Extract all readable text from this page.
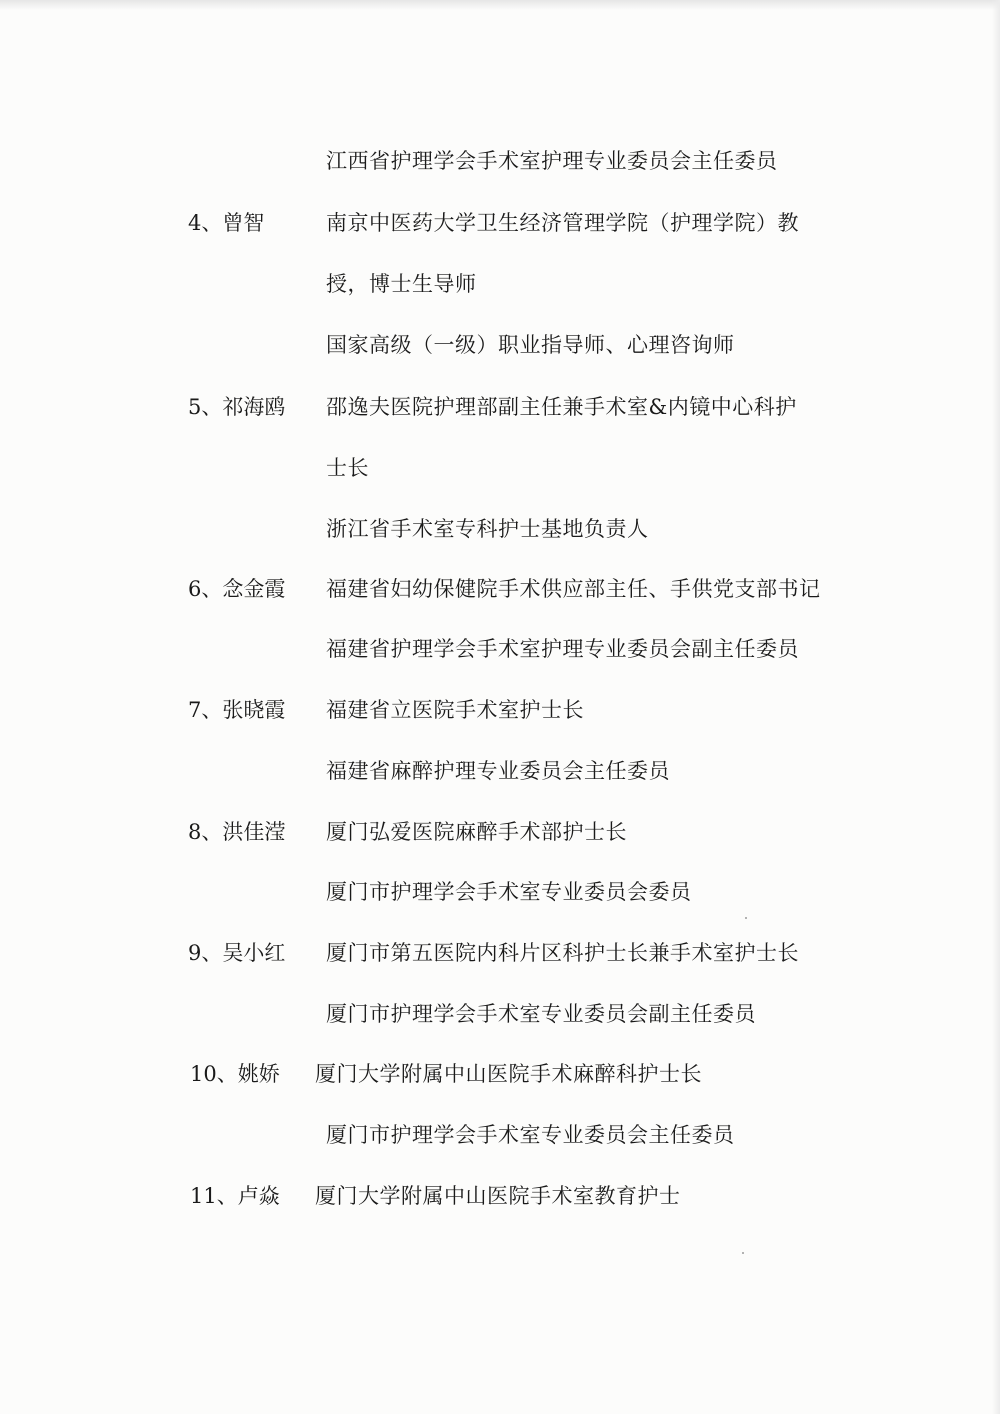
江西省护理学会手术室护理专业委员会主任委员
4、曾智	南京中医药大学卫生经济管理学院（护理学院）教
授，博士生导师
国家高级（一级）职业指导师、心理咨询师
5、祁海鸥 邵逸夫医院护理部副主任兼手术室&内镜中心科护
士长
浙江省手术室专科护士基地负责人
6、念金霞 福建省妇幼保健院手术供应部主任、手供党支部书记
福建省护理学会手术室护理专业委员会副主任委员
7、张晓霞 福建省立医院手术室护士长
福建省麻醉护理专业委员会主任委员
8、洪佳滢 厦门弘爱医院麻醉手术部护士长
厦门市护理学会手术室专业委员会委员
9、吴小红 厦门市第五医院内科片区科护士长兼手术室护士长
厦门市护理学会手术室专业委员会副主任委员
10、姚娇 厦门大学附属中山医院手术麻醉科护士长
厦门市护理学会手术室专业委员会主任委员
11、卢焱 厦门大学附属中山医院手术室教育护士
